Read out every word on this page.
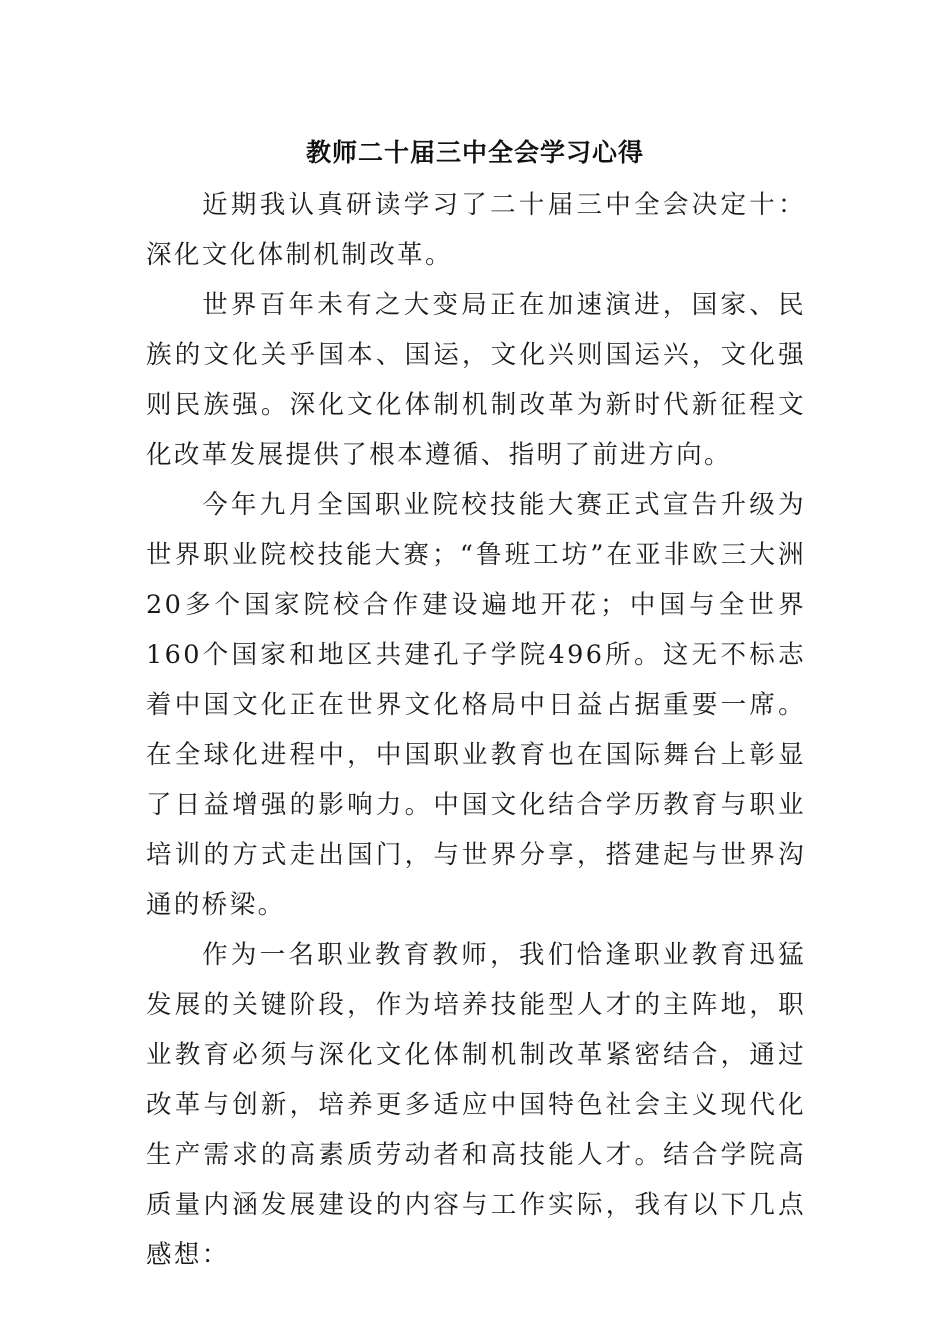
教师二十届三中全会学习心得

近期我认真研读学习了二十届三中全会决定十：深化文化体制机制改革。

世界百年未有之大变局正在加速演进，国家、民族的文化关乎国本、国运，文化兴则国运兴，文化强则民族强。深化文化体制机制改革为新时代新征程文化改革发展提供了根本遵循、指明了前进方向。

今年九月全国职业院校技能大赛正式宣告升级为世界职业院校技能大赛；“鲁班工坊”在亚非欧三大洲20多个国家院校合作建设遍地开花；中国与全世界160个国家和地区共建孔子学院496所。这无不标志着中国文化正在世界文化格局中日益占据重要一席。在全球化进程中，中国职业教育也在国际舞台上彰显了日益增强的影响力。中国文化结合学历教育与职业培训的方式走出国门，与世界分享，搭建起与世界沟通的桥梁。

作为一名职业教育教师，我们恰逢职业教育迅猛发展的关键阶段，作为培养技能型人才的主阵地，职业教育必须与深化文化体制机制改革紧密结合，通过改革与创新，培养更多适应中国特色社会主义现代化生产需求的高素质劳动者和高技能人才。结合学院高质量内涵发展建设的内容与工作实际，我有以下几点感想：
